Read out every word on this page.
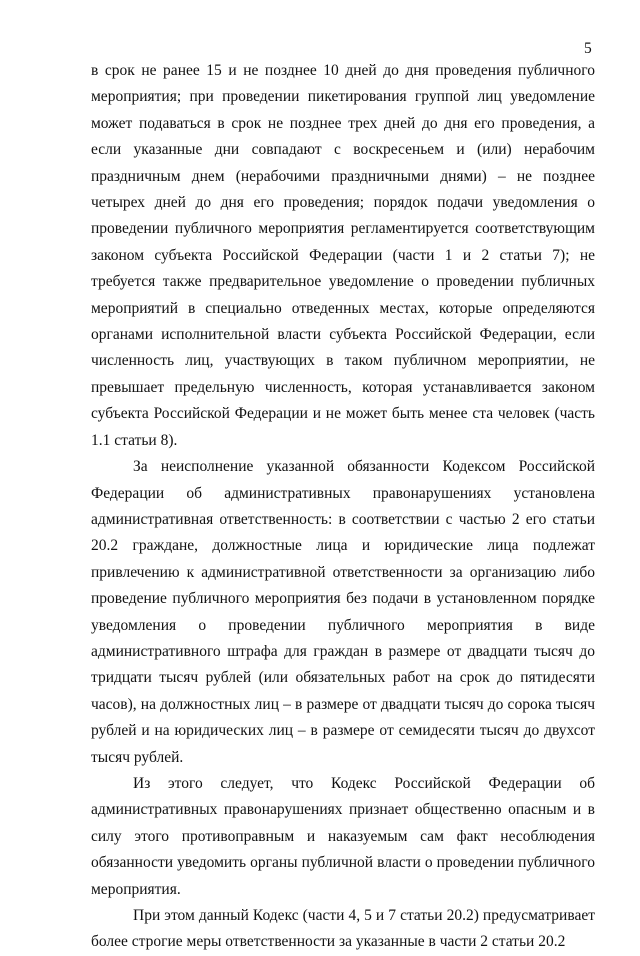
5

в срок не ранее 15 и не позднее 10 дней до дня проведения публичного мероприятия; при проведении пикетирования группой лиц уведомление может подаваться в срок не позднее трех дней до дня его проведения, а если указанные дни совпадают с воскресеньем и (или) нерабочим праздничным днем (нерабочими праздничными днями) – не позднее четырех дней до дня его проведения; порядок подачи уведомления о проведении публичного мероприятия регламентируется соответствующим законом субъекта Российской Федерации (части 1 и 2 статьи 7); не требуется также предварительное уведомление о проведении публичных мероприятий в специально отведенных местах, которые определяются органами исполнительной власти субъекта Российской Федерации, если численность лиц, участвующих в таком публичном мероприятии, не превышает предельную численность, которая устанавливается законом субъекта Российской Федерации и не может быть менее ста человек (часть 1.1 статьи 8).

За неисполнение указанной обязанности Кодексом Российской Федерации об административных правонарушениях установлена административная ответственность: в соответствии с частью 2 его статьи 20.2 граждане, должностные лица и юридические лица подлежат привлечению к административной ответственности за организацию либо проведение публичного мероприятия без подачи в установленном порядке уведомления о проведении публичного мероприятия в виде административного штрафа для граждан в размере от двадцати тысяч до тридцати тысяч рублей (или обязательных работ на срок до пятидесяти часов), на должностных лиц – в размере от двадцати тысяч до сорока тысяч рублей и на юридических лиц – в размере от семидесяти тысяч до двухсот тысяч рублей.

Из этого следует, что Кодекс Российской Федерации об административных правонарушениях признает общественно опасным и в силу этого противоправным и наказуемым сам факт несоблюдения обязанности уведомить органы публичной власти о проведении публичного мероприятия.

При этом данный Кодекс (части 4, 5 и 7 статьи 20.2) предусматривает более строгие меры ответственности за указанные в части 2 статьи 20.2
